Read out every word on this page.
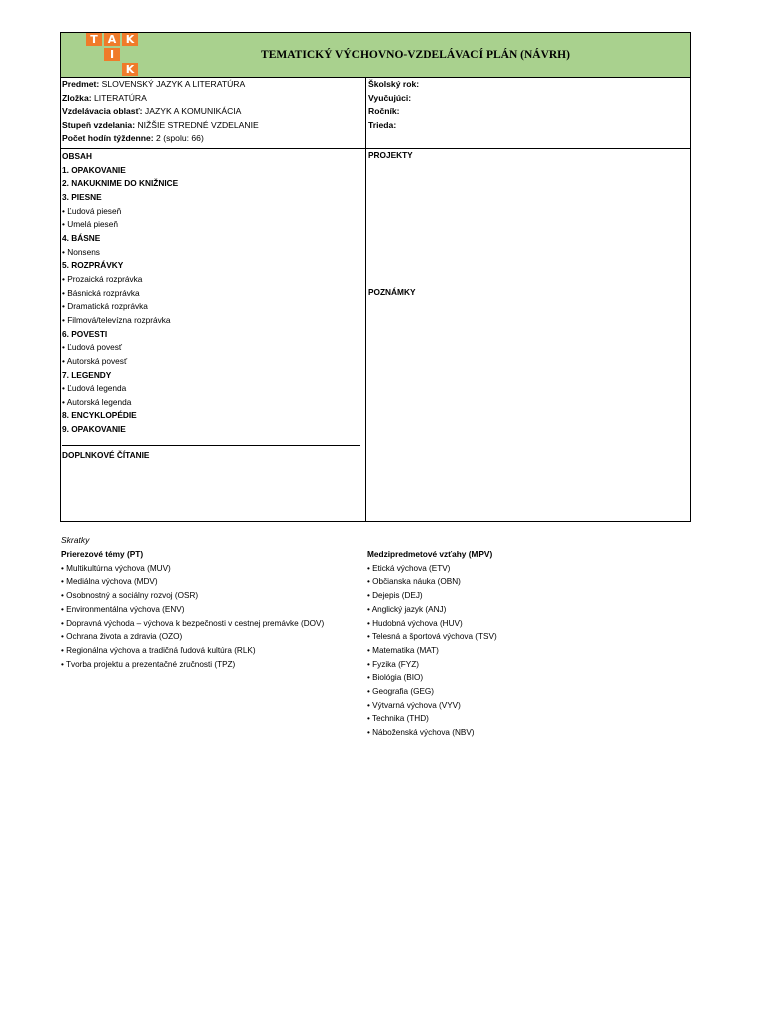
T A K
I
K
TEMATICKÝ VÝCHOVNO-VZDELÁVACÍ PLÁN (NÁVRH)
Predmet: SLOVENSKÝ JAZYK A LITERATÚRA
Zložka: LITERATÚRA
Vzdelávacia oblasť: JAZYK A KOMUNIKÁCIA
Stupeň vzdelania: NIŽŠIE STREDNÉ VZDELANIE
Počet hodín týždenne: 2 (spolu: 66)
Školský rok:
Vyučujúci:
Ročník:
Trieda:
OBSAH
1. OPAKOVANIE
2. NAKUKNIME DO KNIŽNICE
3. PIESNE
• Ľudová pieseň
• Umelá pieseň
4. BÁSNE
• Nonsens
5. ROZPRÁVKY
• Prozaická rozprávka
• Básnická rozprávka
• Dramatická rozprávka
• Filmová/televízna rozprávka
6. POVESTI
• Ľudová povesť
• Autorská povesť
7. LEGENDY
• Ľudová legenda
• Autorská legenda
8. ENCYKLOPÉDIE
9. OPAKOVANIE
DOPLNKOVÉ ČÍTANIE
PROJEKTY
POZNÁMKY
Skratky
Prierezové témy (PT)
• Multikultúrna výchova (MUV)
• Mediálna výchova (MDV)
• Osobnostný a sociálny rozvoj (OSR)
• Environmentálna výchova (ENV)
• Dopravná východa – výchova k bezpečnosti v cestnej premávke (DOV)
• Ochrana života a zdravia (OZO)
• Regionálna výchova a tradičná ľudová kultúra (RLK)
• Tvorba projektu a prezentačné zručnosti (TPZ)
Medzipredmetové vzťahy (MPV)
• Etická výchova (ETV)
• Občianska náuka (OBN)
• Dejepis (DEJ)
• Anglický jazyk (ANJ)
• Hudobná výchova (HUV)
• Telesná a športová výchova (TSV)
• Matematika (MAT)
• Fyzika (FYZ)
• Biológia (BIO)
• Geografia (GEG)
• Výtvarná výchova (VYV)
• Technika (THD)
• Náboženská výchova (NBV)
